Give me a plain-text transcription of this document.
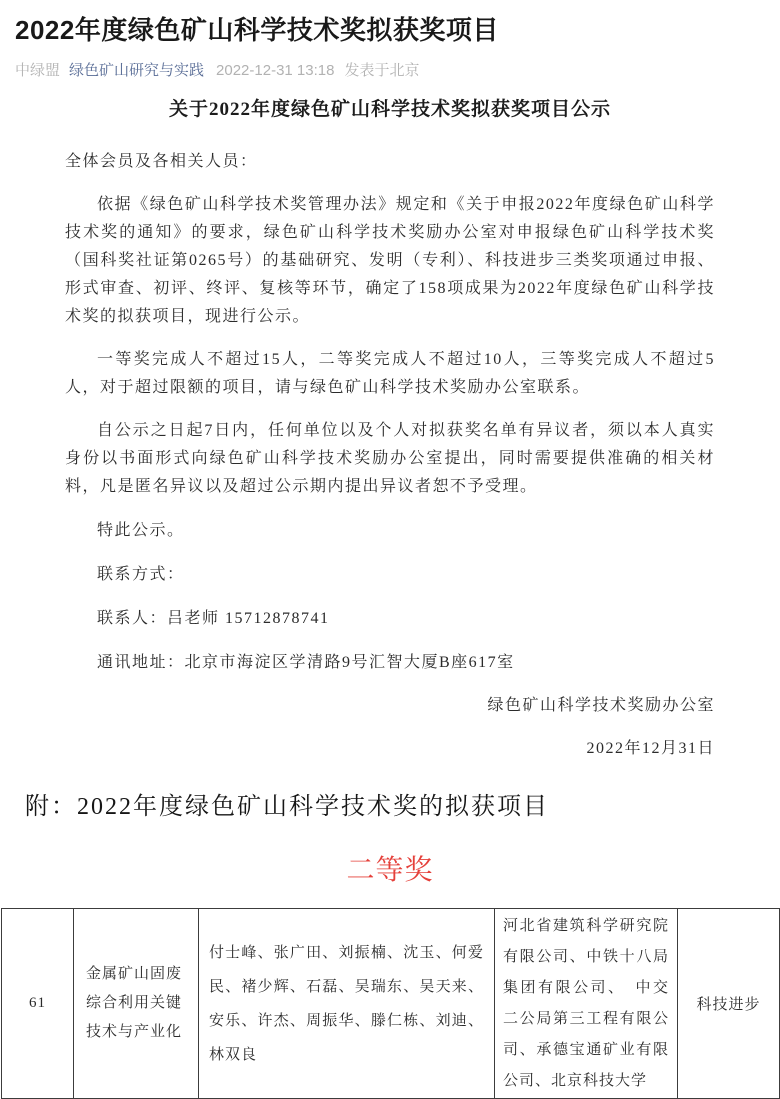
2022年度绿色矿山科学技术奖拟获奖项目
中绿盟 绿色矿山研究与实践 2022-12-31 13:18 发表于北京
关于2022年度绿色矿山科学技术奖拟获奖项目公示

全体会员及各相关人员：

依据《绿色矿山科学技术奖管理办法》规定和《关于申报2022年度绿色矿山科学技术奖的通知》的要求，绿色矿山科学技术奖励办公室对申报绿色矿山科学技术奖（国科奖社证第0265号）的基础研究、发明（专利）、科技进步三类奖项通过申报、形式审查、初评、终评、复核等环节，确定了158项成果为2022年度绿色矿山科学技术奖的拟获项目，现进行公示。

一等奖完成人不超过15人，二等奖完成人不超过10人，三等奖完成人不超过5人，对于超过限额的项目，请与绿色矿山科学技术奖励办公室联系。

自公示之日起7日内，任何单位以及个人对拟获奖名单有异议者，须以本人真实身份以书面形式向绿色矿山科学技术奖励办公室提出，同时需要提供准确的相关材料，凡是匿名异议以及超过公示期内提出异议者恕不予受理。

特此公示。

联系方式：

联系人：吕老师 15712878741

通讯地址：北京市海淀区学清路9号汇智大厦B座617室

绿色矿山科学技术奖励办公室

2022年12月31日

附：2022年度绿色矿山科学技术奖的拟获项目
二等奖
61	金属矿山固废综合利用关键技术与产业化	付士峰、张广田、刘振楠、沈玉、何爱民、褚少辉、石磊、吴瑞东、吴天来、安乐、许杰、周振华、滕仁栋、刘迪、林双良	河北省建筑科学研究院有限公司、中铁十八局集团有限公司、　中交二公局第三工程有限公司、承德宝通矿业有限公司、北京科技大学	科技进步
